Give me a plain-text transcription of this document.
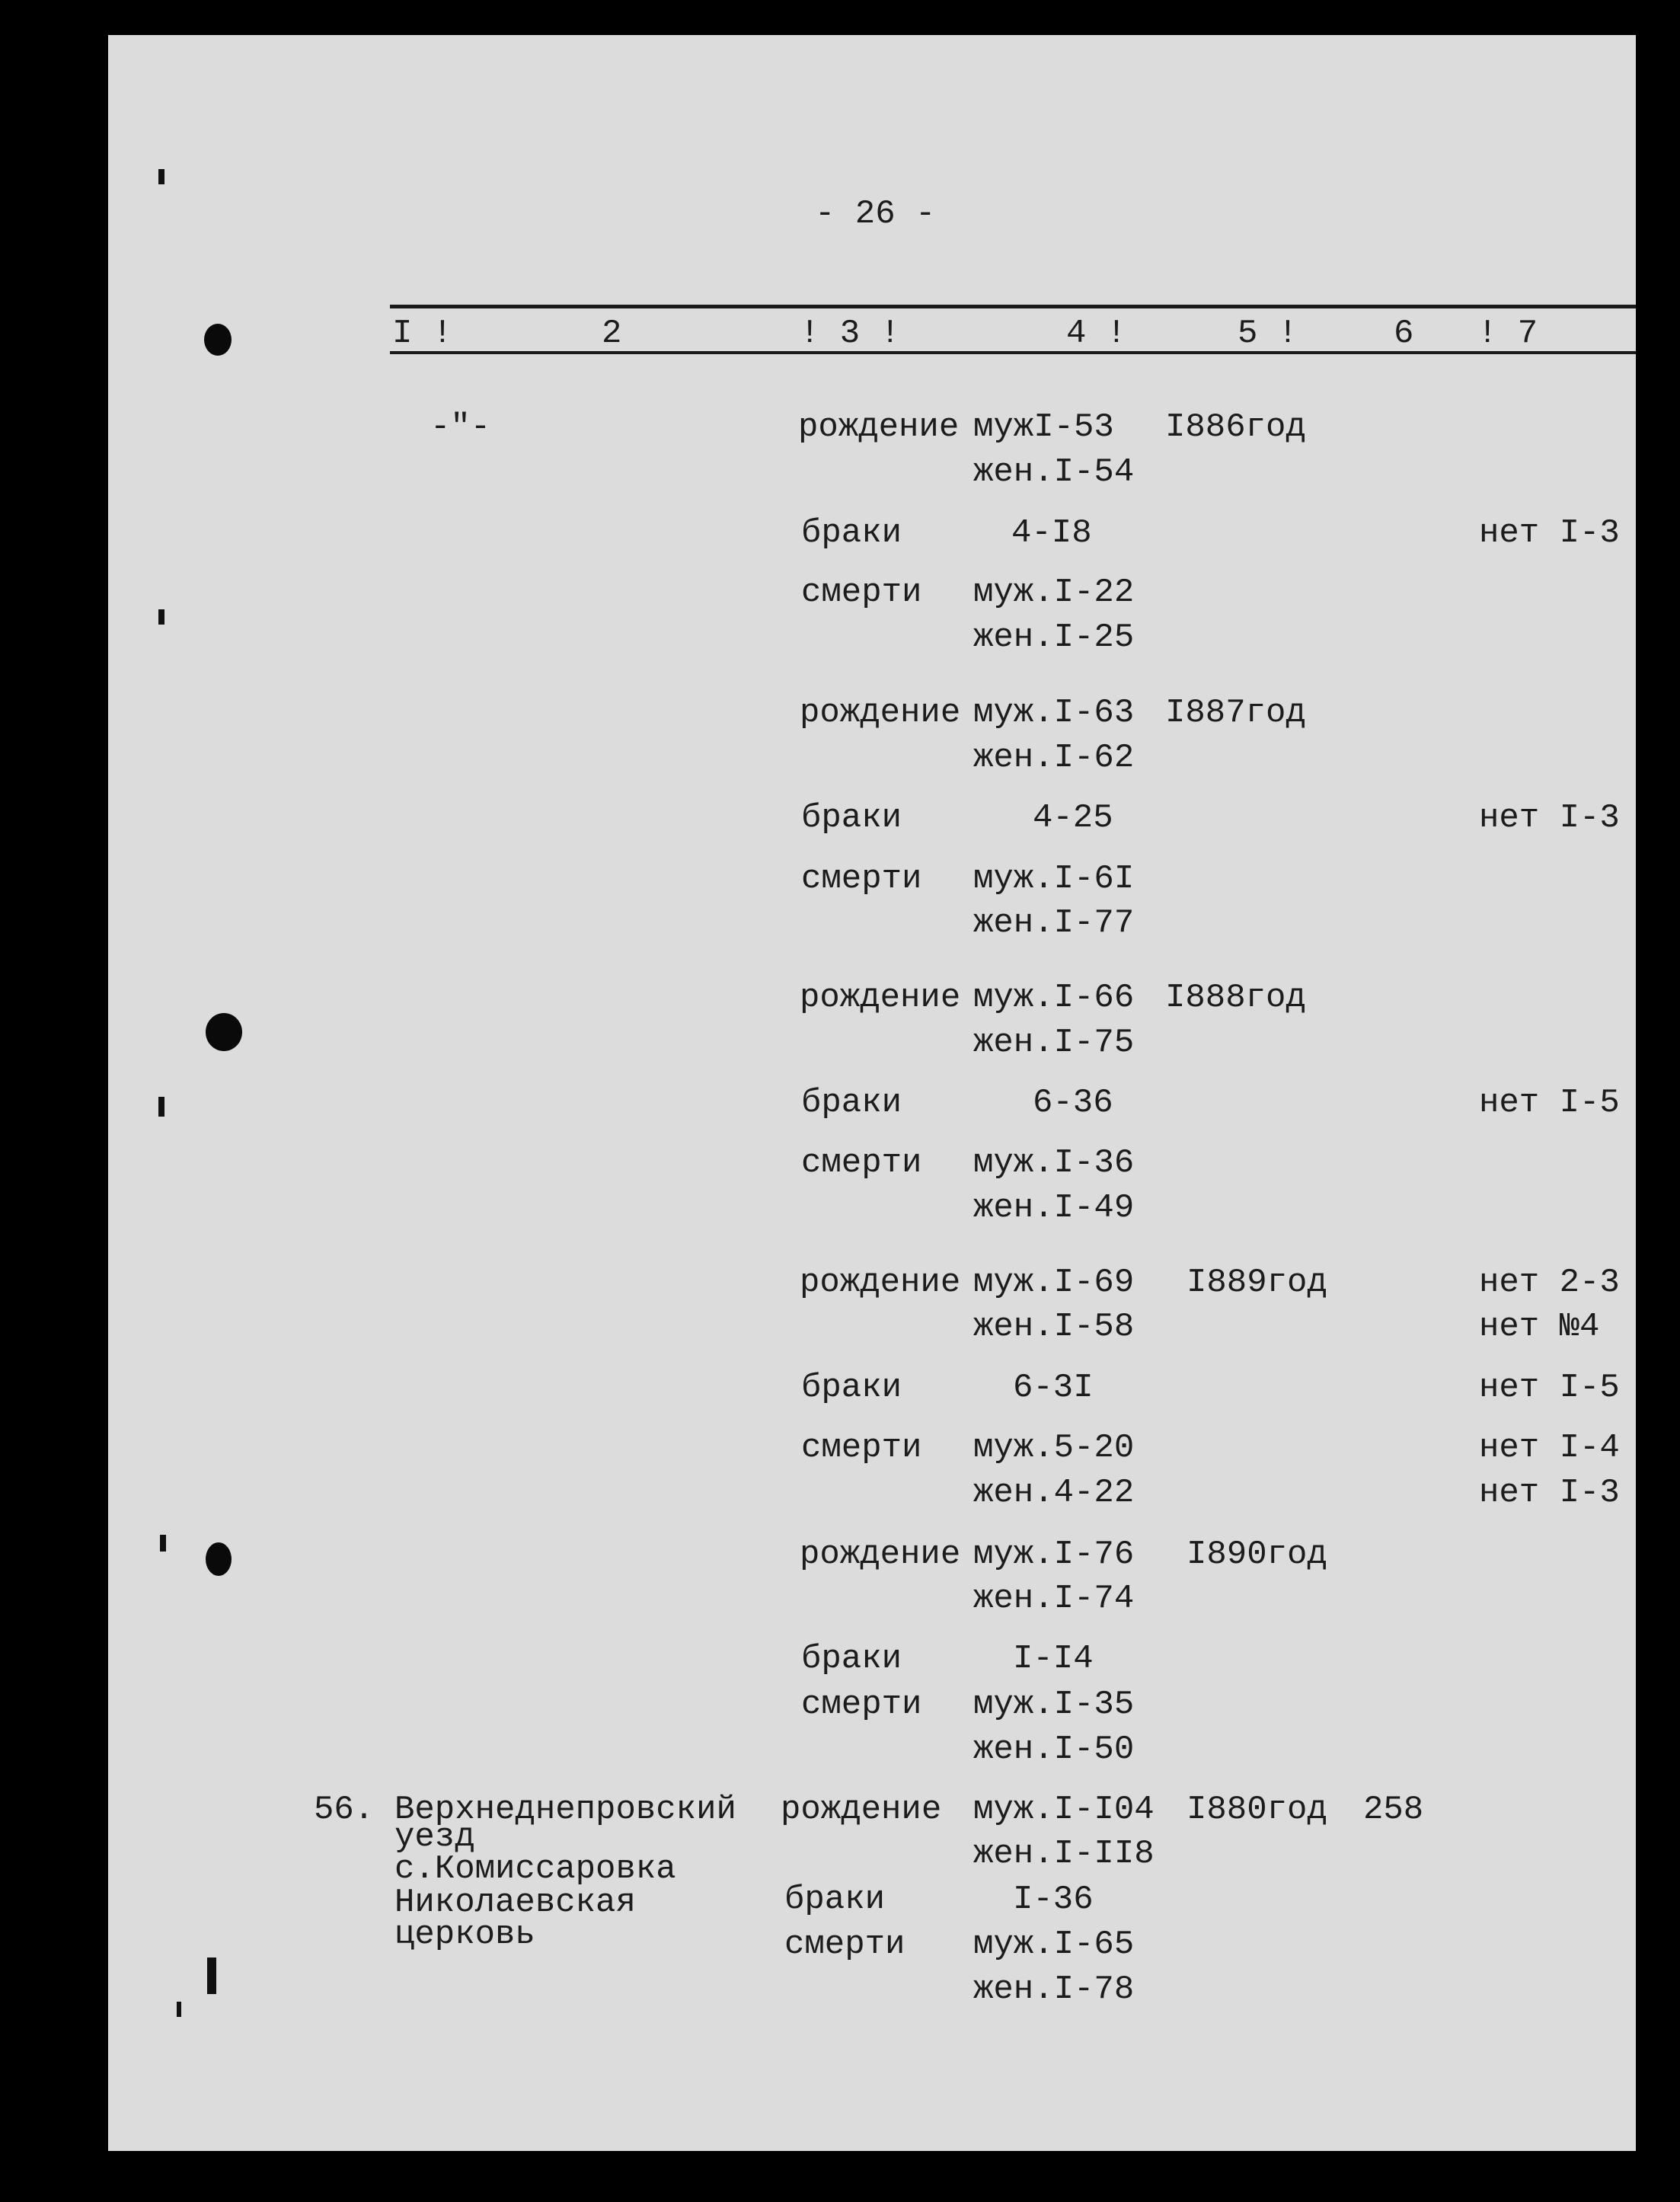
- 26 -
I !	2	! 3 !	4 !	5 !	6 ! 7
-"-	рождение мужI-53 I886год
жен.I-54
браки	4-I8	нет I-3
смерти муж.I-22
жен.I-25
рождение муж.I-63 I887год
жен.I-62
браки	4-25	нет I-3
смерти муж.I-6I
жен.I-77
рождение муж.I-66 I888год
жен.I-75
браки	6-36	нет I-5
смерти муж.I-36
жен.I-49
рождение муж.I-69 I889год	нет 2-3
жен.I-58	нет №4
браки	6-3I	нет I-5
смерти муж.5-20	нет I-4
жен.4-22	нет I-3
рождение муж.I-76 I890год
жен.I-74
браки	I-I4
смерти муж.I-35
жен.I-50
56. Верхнеднепровский
уезд
с.Комиссаровка
Николаевская
церковь
рождение муж.I-I04 I880год 258
жен.I-II8
браки	I-36
смерти муж.I-65
жен.I-78
